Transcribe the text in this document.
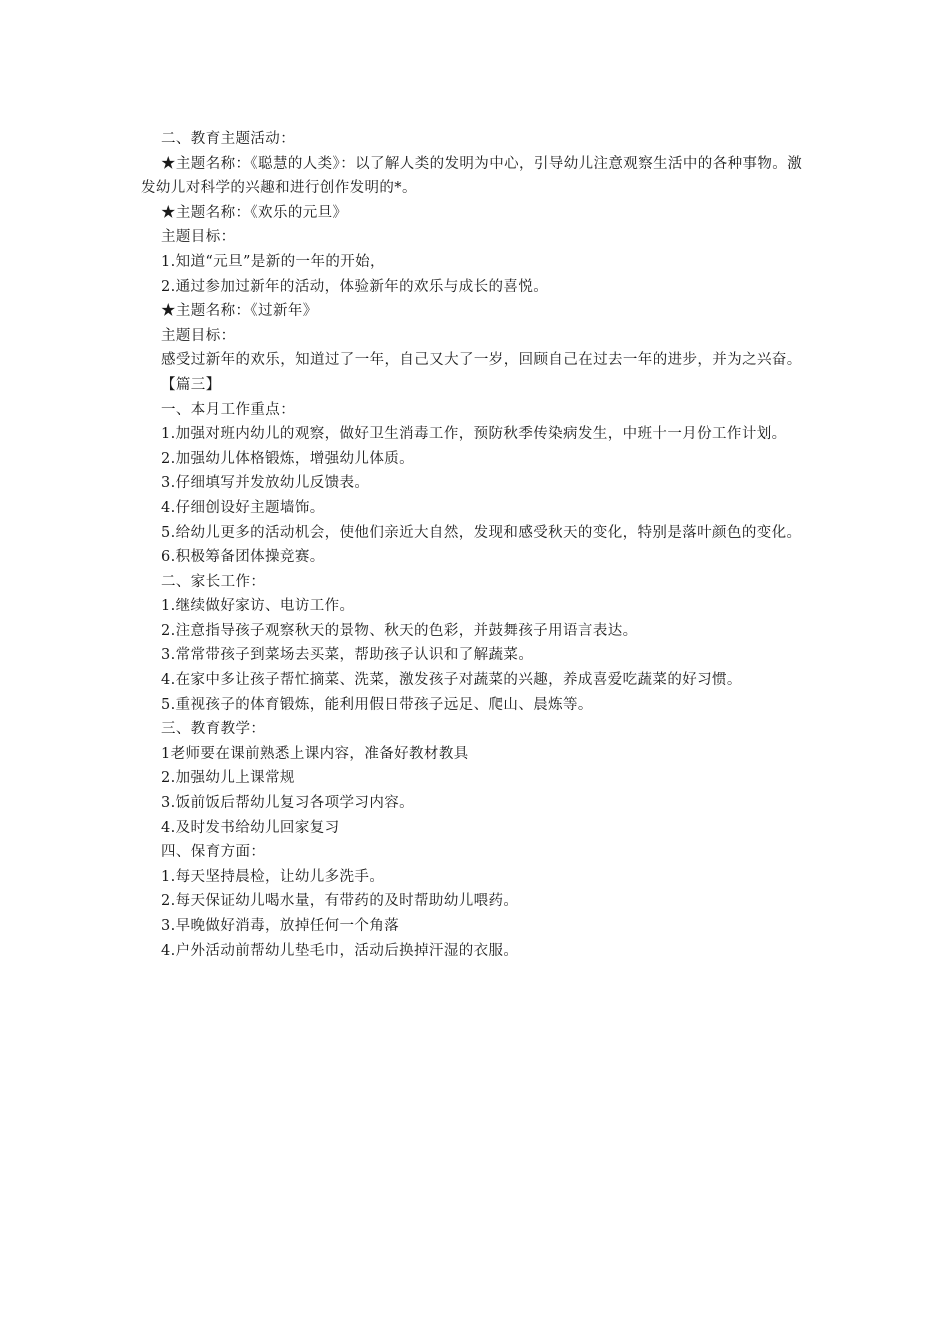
二、教育主题活动：

★主题名称：《聪慧的人类》：以了解人类的发明为中心，引导幼儿注意观察生活中的各种事物。激发幼儿对科学的兴趣和进行创作发明的*。

★主题名称：《欢乐的元旦》

主题目标：

1.知道“元旦”是新的一年的开始，

2.通过参加过新年的活动，体验新年的欢乐与成长的喜悦。

★主题名称：《过新年》

主题目标：

感受过新年的欢乐，知道过了一年，自己又大了一岁，回顾自己在过去一年的进步，并为之兴奋。

【篇三】

一、本月工作重点：

1.加强对班内幼儿的观察，做好卫生消毒工作，预防秋季传染病发生，中班十一月份工作计划。

2.加强幼儿体格锻炼，增强幼儿体质。

3.仔细填写并发放幼儿反馈表。

4.仔细创设好主题墙饰。

5.给幼儿更多的活动机会，使他们亲近大自然，发现和感受秋天的变化，特别是落叶颜色的变化。

6.积极筹备团体操竞赛。

二、家长工作：

1.继续做好家访、电访工作。

2.注意指导孩子观察秋天的景物、秋天的色彩，并鼓舞孩子用语言表达。

3.常常带孩子到菜场去买菜，帮助孩子认识和了解蔬菜。

4.在家中多让孩子帮忙摘菜、洗菜，激发孩子对蔬菜的兴趣，养成喜爱吃蔬菜的好习惯。

5.重视孩子的体育锻炼，能利用假日带孩子远足、爬山、晨炼等。

三、教育教学：

1老师要在课前熟悉上课内容，准备好教材教具

2.加强幼儿上课常规

3.饭前饭后帮幼儿复习各项学习内容。

4.及时发书给幼儿回家复习

四、保育方面：

1.每天坚持晨检，让幼儿多洗手。

2.每天保证幼儿喝水量，有带药的及时帮助幼儿喂药。

3.早晚做好消毒，放掉任何一个角落

4.户外活动前帮幼儿垫毛巾，活动后换掉汗湿的衣服。
